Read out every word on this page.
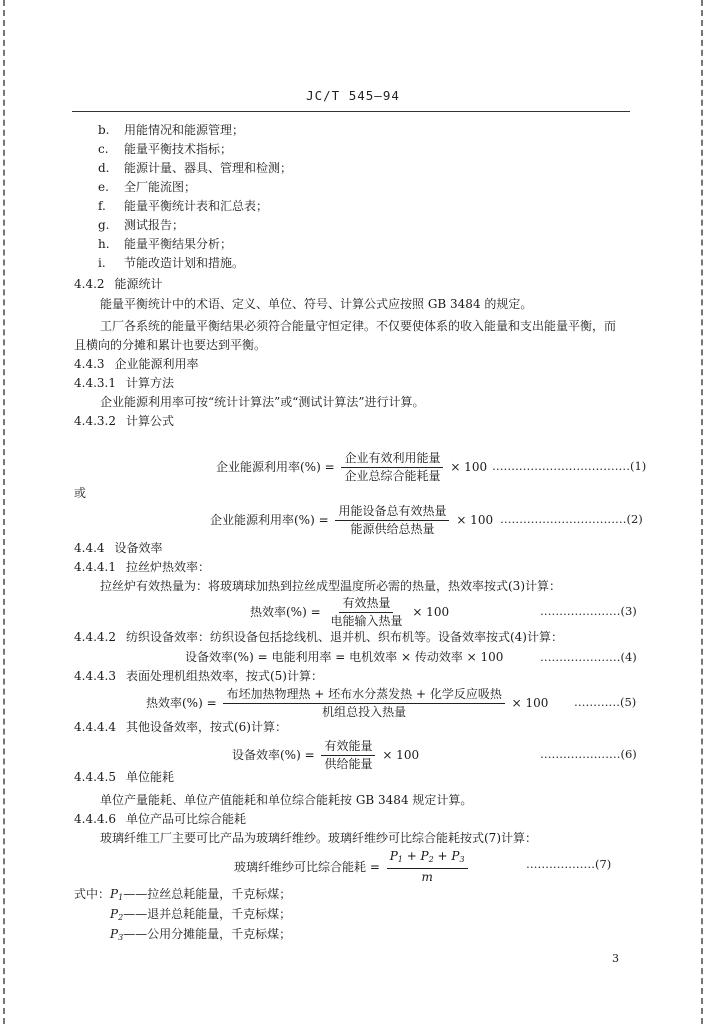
JC/T 545—94
b. 用能情况和能源管理；
c. 能量平衡技术指标；
d. 能源计量、器具、管理和检测；
e. 全厂能流图；
f. 能量平衡统计表和汇总表；
g. 测试报告；
h. 能量平衡结果分析；
i. 节能改造计划和措施。
4.4.2 能源统计
能量平衡统计中的术语、定义、单位、符号、计算公式应按照 GB 3484 的规定。
工厂各系统的能量平衡结果必须符合能量守恒定律。不仅要使体系的收入能量和支出能量平衡，而
且横向的分摊和累计也要达到平衡。
4.4.3 企业能源利用率
4.4.3.1 计算方法
企业能源利用率可按“统计计算法”或“测试计算法”进行计算。
4.4.3.2 计算公式
企业能源利用率(%) = $\frac{\text{企业有效利用能量}}{\text{企业总综合能耗量}} \times 100$ ………………………………(1)
或
企业能源利用率(%) = $\frac{\text{用能设备总有效热量}}{\text{能源供给总热量}} \times 100$ ……………………………(2)
4.4.4 设备效率
4.4.4.1 拉丝炉热效率：
拉丝炉有效热量为：将玻璃球加热到拉丝成型温度所必需的热量，热效率按式(3)计算：
热效率(%) = $\frac{\text{有效热量}}{\text{电能输入热量}} \times 100$	…………………(3)
4.4.4.2 纺织设备效率：纺织设备包括捻线机、退并机、织布机等。设备效率按式(4)计算：
设备效率(%) = 电能利用率 = 电机效率 × 传动效率 × 100	…………………(4)
4.4.4.3 表面处理机组热效率，按式(5)计算：
热效率(%) = $\frac{\text{布坯加热物理热 + 坯布水分蒸发热 + 化学反应吸热}}{\text{机组总投入热量}} \times 100$ …………(5)
4.4.4.4 其他设备效率，按式(6)计算：
设备效率(%) = $\frac{\text{有效能量}}{\text{供给能量}} \times 100$	…………………(6)
4.4.4.5 单位能耗
单位产量能耗、单位产值能耗和单位综合能耗按 GB 3484 规定计算。
4.4.4.6 单位产品可比综合能耗
玻璃纤维工厂主要可比产品为玻璃纤维纱。玻璃纤维纱可比综合能耗按式(7)计算：
玻璃纤维纱可比综合能耗 = $\frac{P_1 + P_2 + P_3}{m}$	………………(7)
式中：$P_1——$拉丝总耗能量，千克标煤；
$P_2——$退并总耗能量，千克标煤；
$P_3——$公用分摊能量，千克标煤；
3
